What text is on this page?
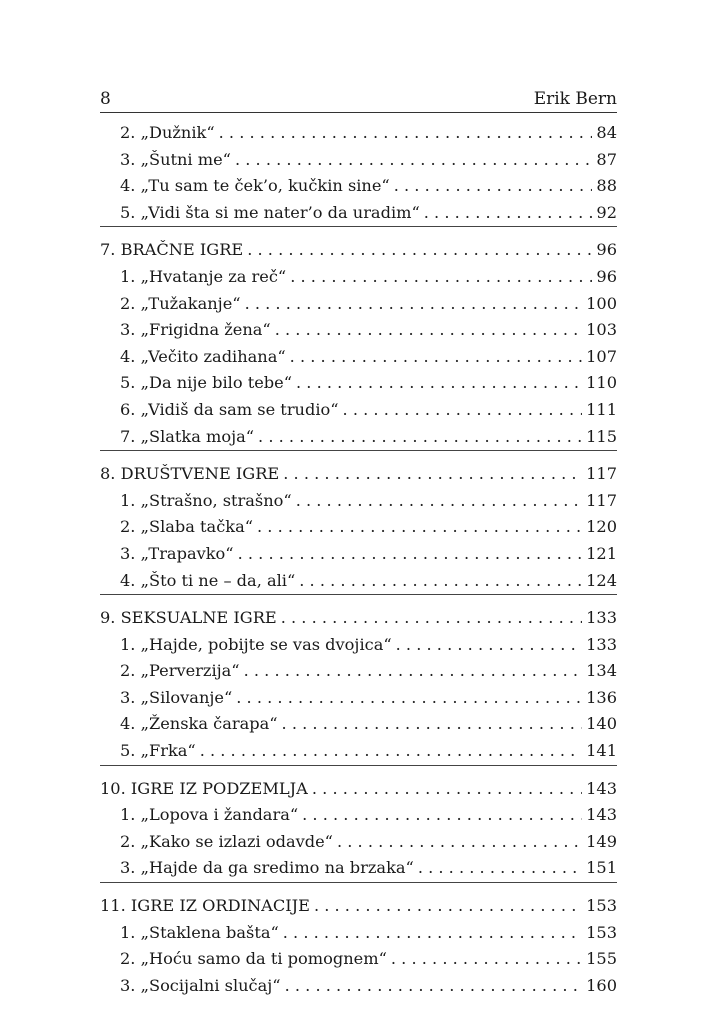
8	Erik Bern
2. „Dužnik“ . . .	84
3. „Šutni me“ . . .	87
4. „Tu sam te ček’o, kučkin sine“ . . .	88
5. „Vidi šta si me nater’o da uradim“ . . .	92
7. BRAČNE IGRE . . .	96
1. „Hvatanje za reč“ . . .	96
2. „Tužakanje“ . . .	100
3. „Frigidna žena“ . . .	103
4. „Večito zadihana“ . . .	107
5. „Da nije bilo tebe“ . . .	110
6. „Vidiš da sam se trudio“ . . .	111
7. „Slatka moja“ . . .	115
8. DRUŠTVENE IGRE . . .	117
1. „Strašno, strašno“ . . .	117
2. „Slaba tačka“ . . .	120
3. „Trapavko“ . . .	121
4. „Što ti ne – da, ali“ . . .	124
9. SEKSUALNE IGRE . . .	133
1. „Hajde, pobijte se vas dvojica“ . . .	133
2. „Perverzija“ . . .	134
3. „Silovanje“ . . .	136
4. „Ženska čarapa“ . . .	140
5. „Frka“ . . .	141
10. IGRE IZ PODZEMLJA . . .	143
1. „Lopova i žandara“ . . .	143
2. „Kako se izlazi odavde“ . . .	149
3. „Hajde da ga sredimo na brzaka“ . . .	151
11. IGRE IZ ORDINACIJE . . .	153
1. „Staklena bašta“ . . .	153
2. „Hoću samo da ti pomognem“ . . .	155
3. „Socijalni slučaj“ . . .	160
